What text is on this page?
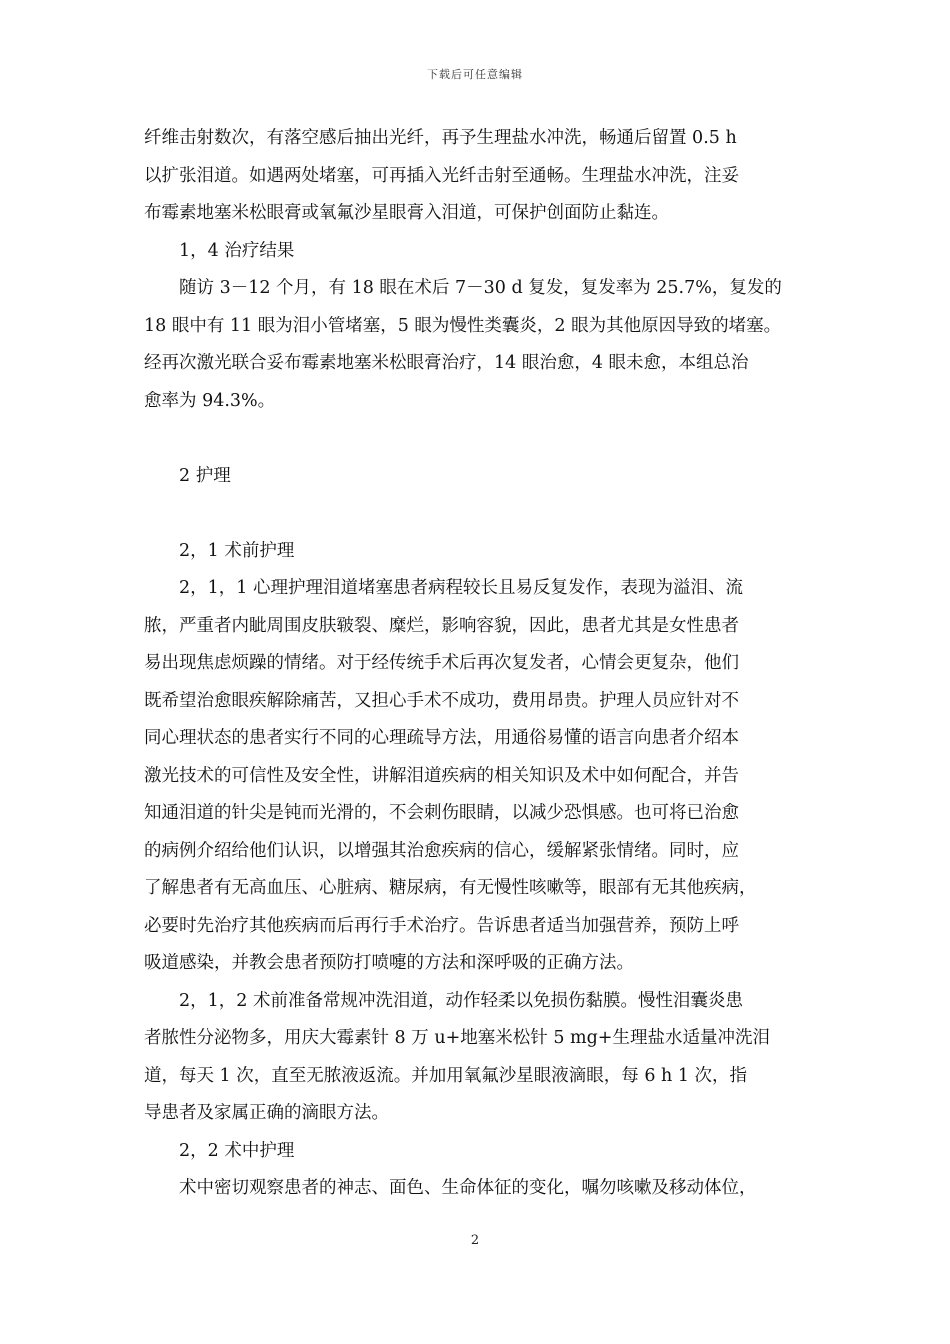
下载后可任意编辑
纤维击射数次，有落空感后抽出光纤，再予生理盐水冲洗，畅通后留置 0.5 h
以扩张泪道。如遇两处堵塞，可再插入光纤击射至通畅。生理盐水冲洗，注妥
布霉素地塞米松眼膏或氧氟沙星眼膏入泪道，可保护创面防止黏连。
1，4 治疗结果
随访 3－12 个月，有 18 眼在术后 7－30 d 复发，复发率为 25.7%，复发的
18 眼中有 11 眼为泪小管堵塞，5 眼为慢性类囊炎，2 眼为其他原因导致的堵塞。
经再次激光联合妥布霉素地塞米松眼膏治疗，14 眼治愈，4 眼未愈，本组总治
愈率为 94.3%。
2 护理
2，1 术前护理
2，1，1 心理护理泪道堵塞患者病程较长且易反复发作，表现为溢泪、流
脓，严重者内眦周围皮肤皲裂、糜烂，影响容貌，因此，患者尤其是女性患者
易出现焦虑烦躁的情绪。对于经传统手术后再次复发者，心情会更复杂，他们
既希望治愈眼疾解除痛苦，又担心手术不成功，费用昂贵。护理人员应针对不
同心理状态的患者实行不同的心理疏导方法，用通俗易懂的语言向患者介绍本
激光技术的可信性及安全性，讲解泪道疾病的相关知识及术中如何配合，并告
知通泪道的针尖是钝而光滑的，不会刺伤眼睛，以减少恐惧感。也可将已治愈
的病例介绍给他们认识，以增强其治愈疾病的信心，缓解紧张情绪。同时，应
了解患者有无高血压、心脏病、糖尿病，有无慢性咳嗽等，眼部有无其他疾病，
必要时先治疗其他疾病而后再行手术治疗。告诉患者适当加强营养，预防上呼
吸道感染，并教会患者预防打喷嚏的方法和深呼吸的正确方法。
2，1，2 术前准备常规冲洗泪道，动作轻柔以免损伤黏膜。慢性泪囊炎患
者脓性分泌物多，用庆大霉素针 8 万 u+地塞米松针 5 mg+生理盐水适量冲洗泪
道，每天 1 次，直至无脓液返流。并加用氧氟沙星眼液滴眼，每 6 h 1 次，指
导患者及家属正确的滴眼方法。
2，2 术中护理
术中密切观察患者的神志、面色、生命体征的变化，嘱勿咳嗽及移动体位，
2
